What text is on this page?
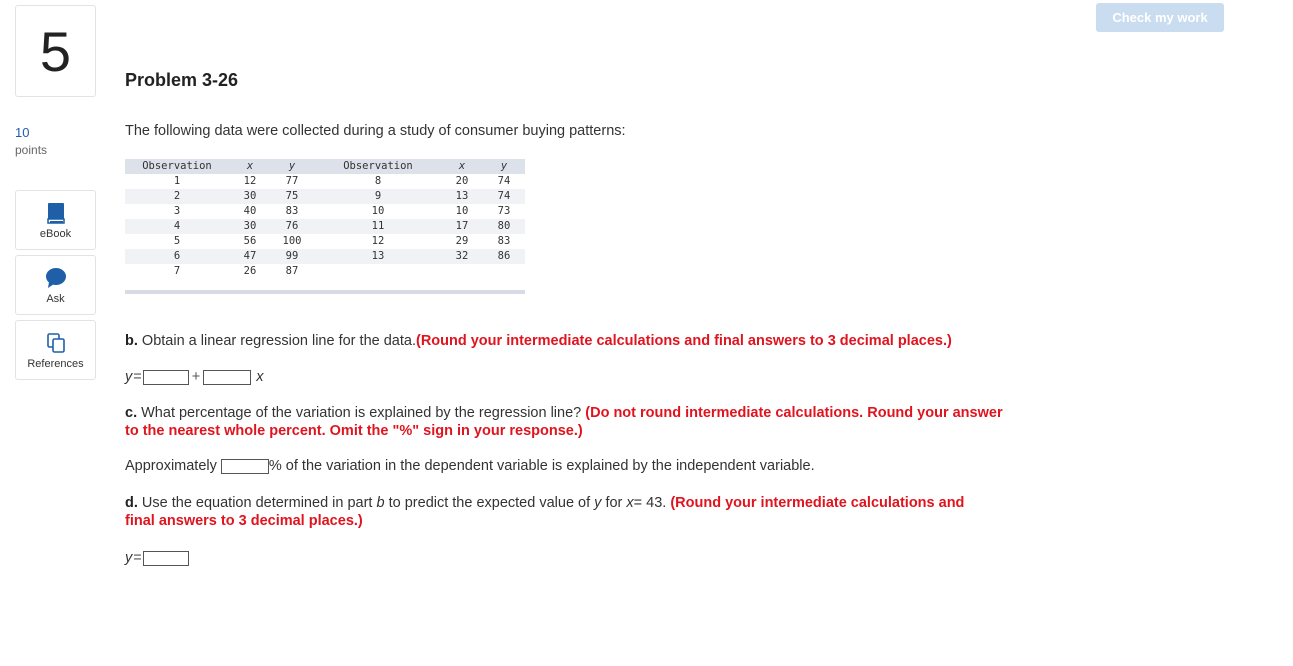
5
10
points
eBook
Ask
References
Check my work
Problem 3-26
The following data were collected during a study of consumer buying patterns:
Observation	x	y	Observation	x	y
1	12	77	8	20	74
2	30	75	9	13	74
3	40	83	10	10	73
4	30	76	11	17	80
5	56	100	12	29	83
6	47	99	13	32	86
7	26	87
b. Obtain a linear regression line for the data.(Round your intermediate calculations and final answers to 3 decimal places.)
y =	+	x
c. What percentage of the variation is explained by the regression line? (Do not round intermediate calculations. Round your answer
to the nearest whole percent. Omit the "%" sign in your response.)
Approximately	% of the variation in the dependent variable is explained by the independent variable.
d. Use the equation determined in part b to predict the expected value of y for x= 43. (Round your intermediate calculations and
final answers to 3 decimal places.)
y =
